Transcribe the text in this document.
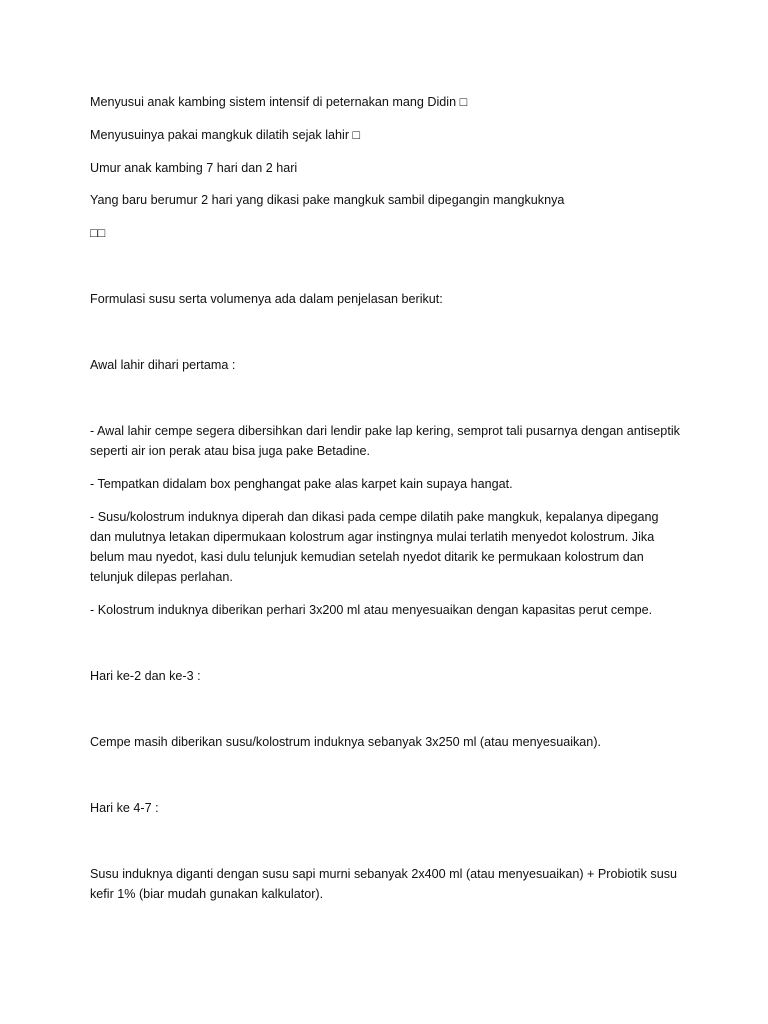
Menyusui anak kambing sistem intensif di peternakan mang Didin □

Menyusuinya pakai mangkuk dilatih sejak lahir □

Umur anak kambing 7 hari dan 2 hari

Yang baru berumur 2 hari yang dikasi pake mangkuk sambil dipegangin mangkuknya

□□

Formulasi susu serta volumenya ada dalam penjelasan berikut:

Awal lahir dihari pertama :

- Awal lahir cempe segera dibersihkan dari lendir pake lap kering, semprot tali pusarnya dengan antiseptik seperti air ion perak atau bisa juga pake Betadine.

- Tempatkan didalam box penghangat pake alas karpet kain supaya hangat.

- Susu/kolostrum induknya diperah dan dikasi pada cempe dilatih pake mangkuk, kepalanya dipegang dan mulutnya letakan dipermukaan kolostrum agar instingnya mulai terlatih menyedot kolostrum. Jika belum mau nyedot, kasi dulu telunjuk kemudian setelah nyedot ditarik ke permukaan kolostrum dan telunjuk dilepas perlahan.

- Kolostrum induknya diberikan perhari 3x200 ml atau menyesuaikan dengan kapasitas perut cempe.

Hari ke-2 dan ke-3 :

Cempe masih diberikan susu/kolostrum induknya sebanyak 3x250 ml (atau menyesuaikan).

Hari ke 4-7 :

Susu induknya diganti dengan susu sapi murni sebanyak 2x400 ml (atau menyesuaikan) + Probiotik susu kefir 1% (biar mudah gunakan kalkulator).
